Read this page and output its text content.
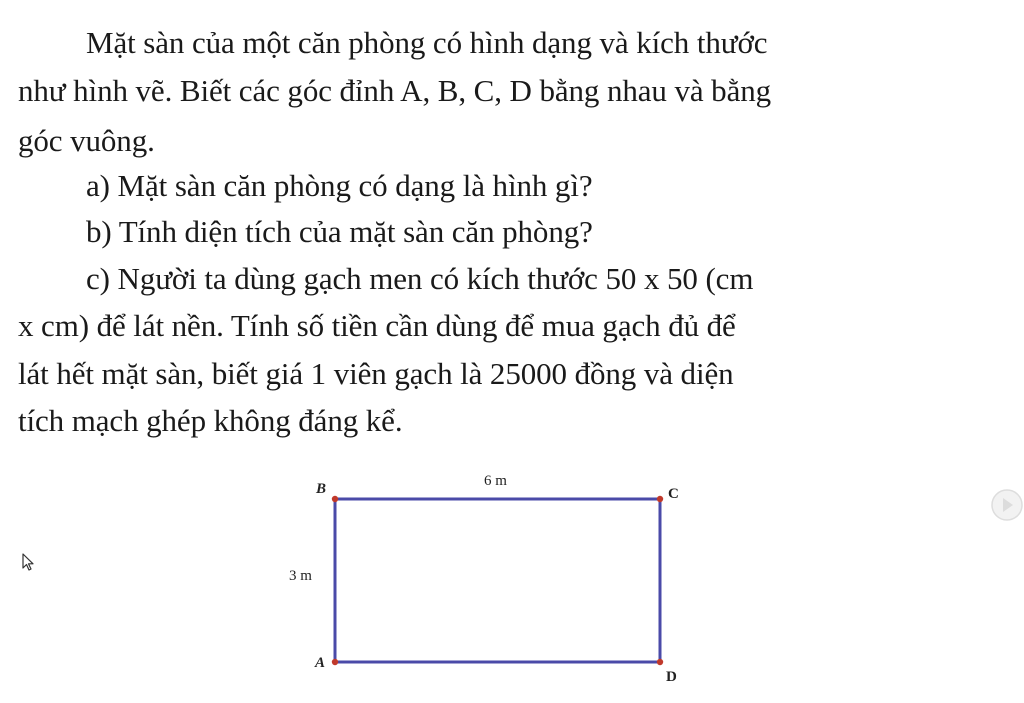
Mặt sàn của một căn phòng có hình dạng và kích thước
như hình vẽ. Biết các góc đỉnh A, B, C, D bằng nhau và bằng
góc vuông.
a) Mặt sàn căn phòng có dạng là hình gì?
b) Tính diện tích của mặt sàn căn phòng?
c) Người ta dùng gạch men có kích thước 50 x 50 (cm
x cm) để lát nền. Tính số tiền cần dùng để mua gạch đủ để
lát hết mặt sàn, biết giá 1 viên gạch là 25000 đồng và diện
tích mạch ghép không đáng kể.
B	C
A
D
6 m
3 m
